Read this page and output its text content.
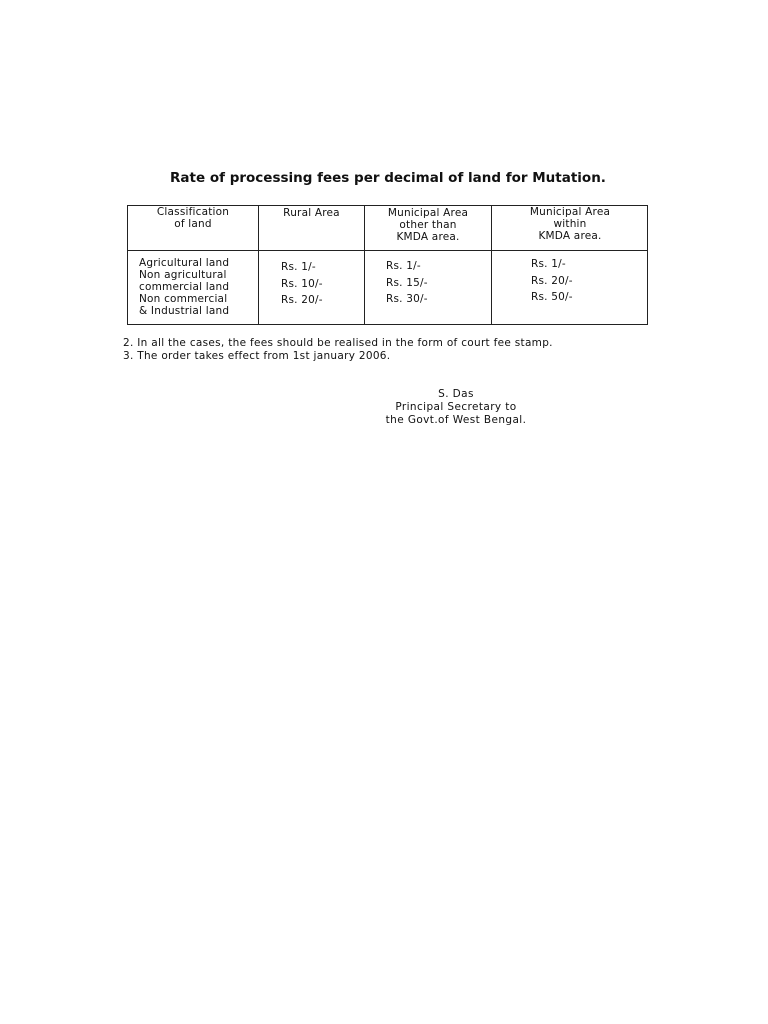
Rate of processing fees per decimal of land for Mutation.
Classification
of land
Rural Area	Municipal Area
other than
KMDA area.
Municipal Area
within
KMDA area.
Agricultural land
Non agricultural
commercial land
Non commercial
& Industrial land
Rs. 1/-
Rs. 10/-
Rs. 20/-
Rs. 1/-
Rs. 15/-
Rs. 30/-
Rs. 1/-
Rs. 20/-
Rs. 50/-
2. In all the cases, the fees should be realised in the form of court fee stamp.
3. The order takes effect from 1st january 2006.
S. Das
Principal Secretary to
the Govt.of West Bengal.
